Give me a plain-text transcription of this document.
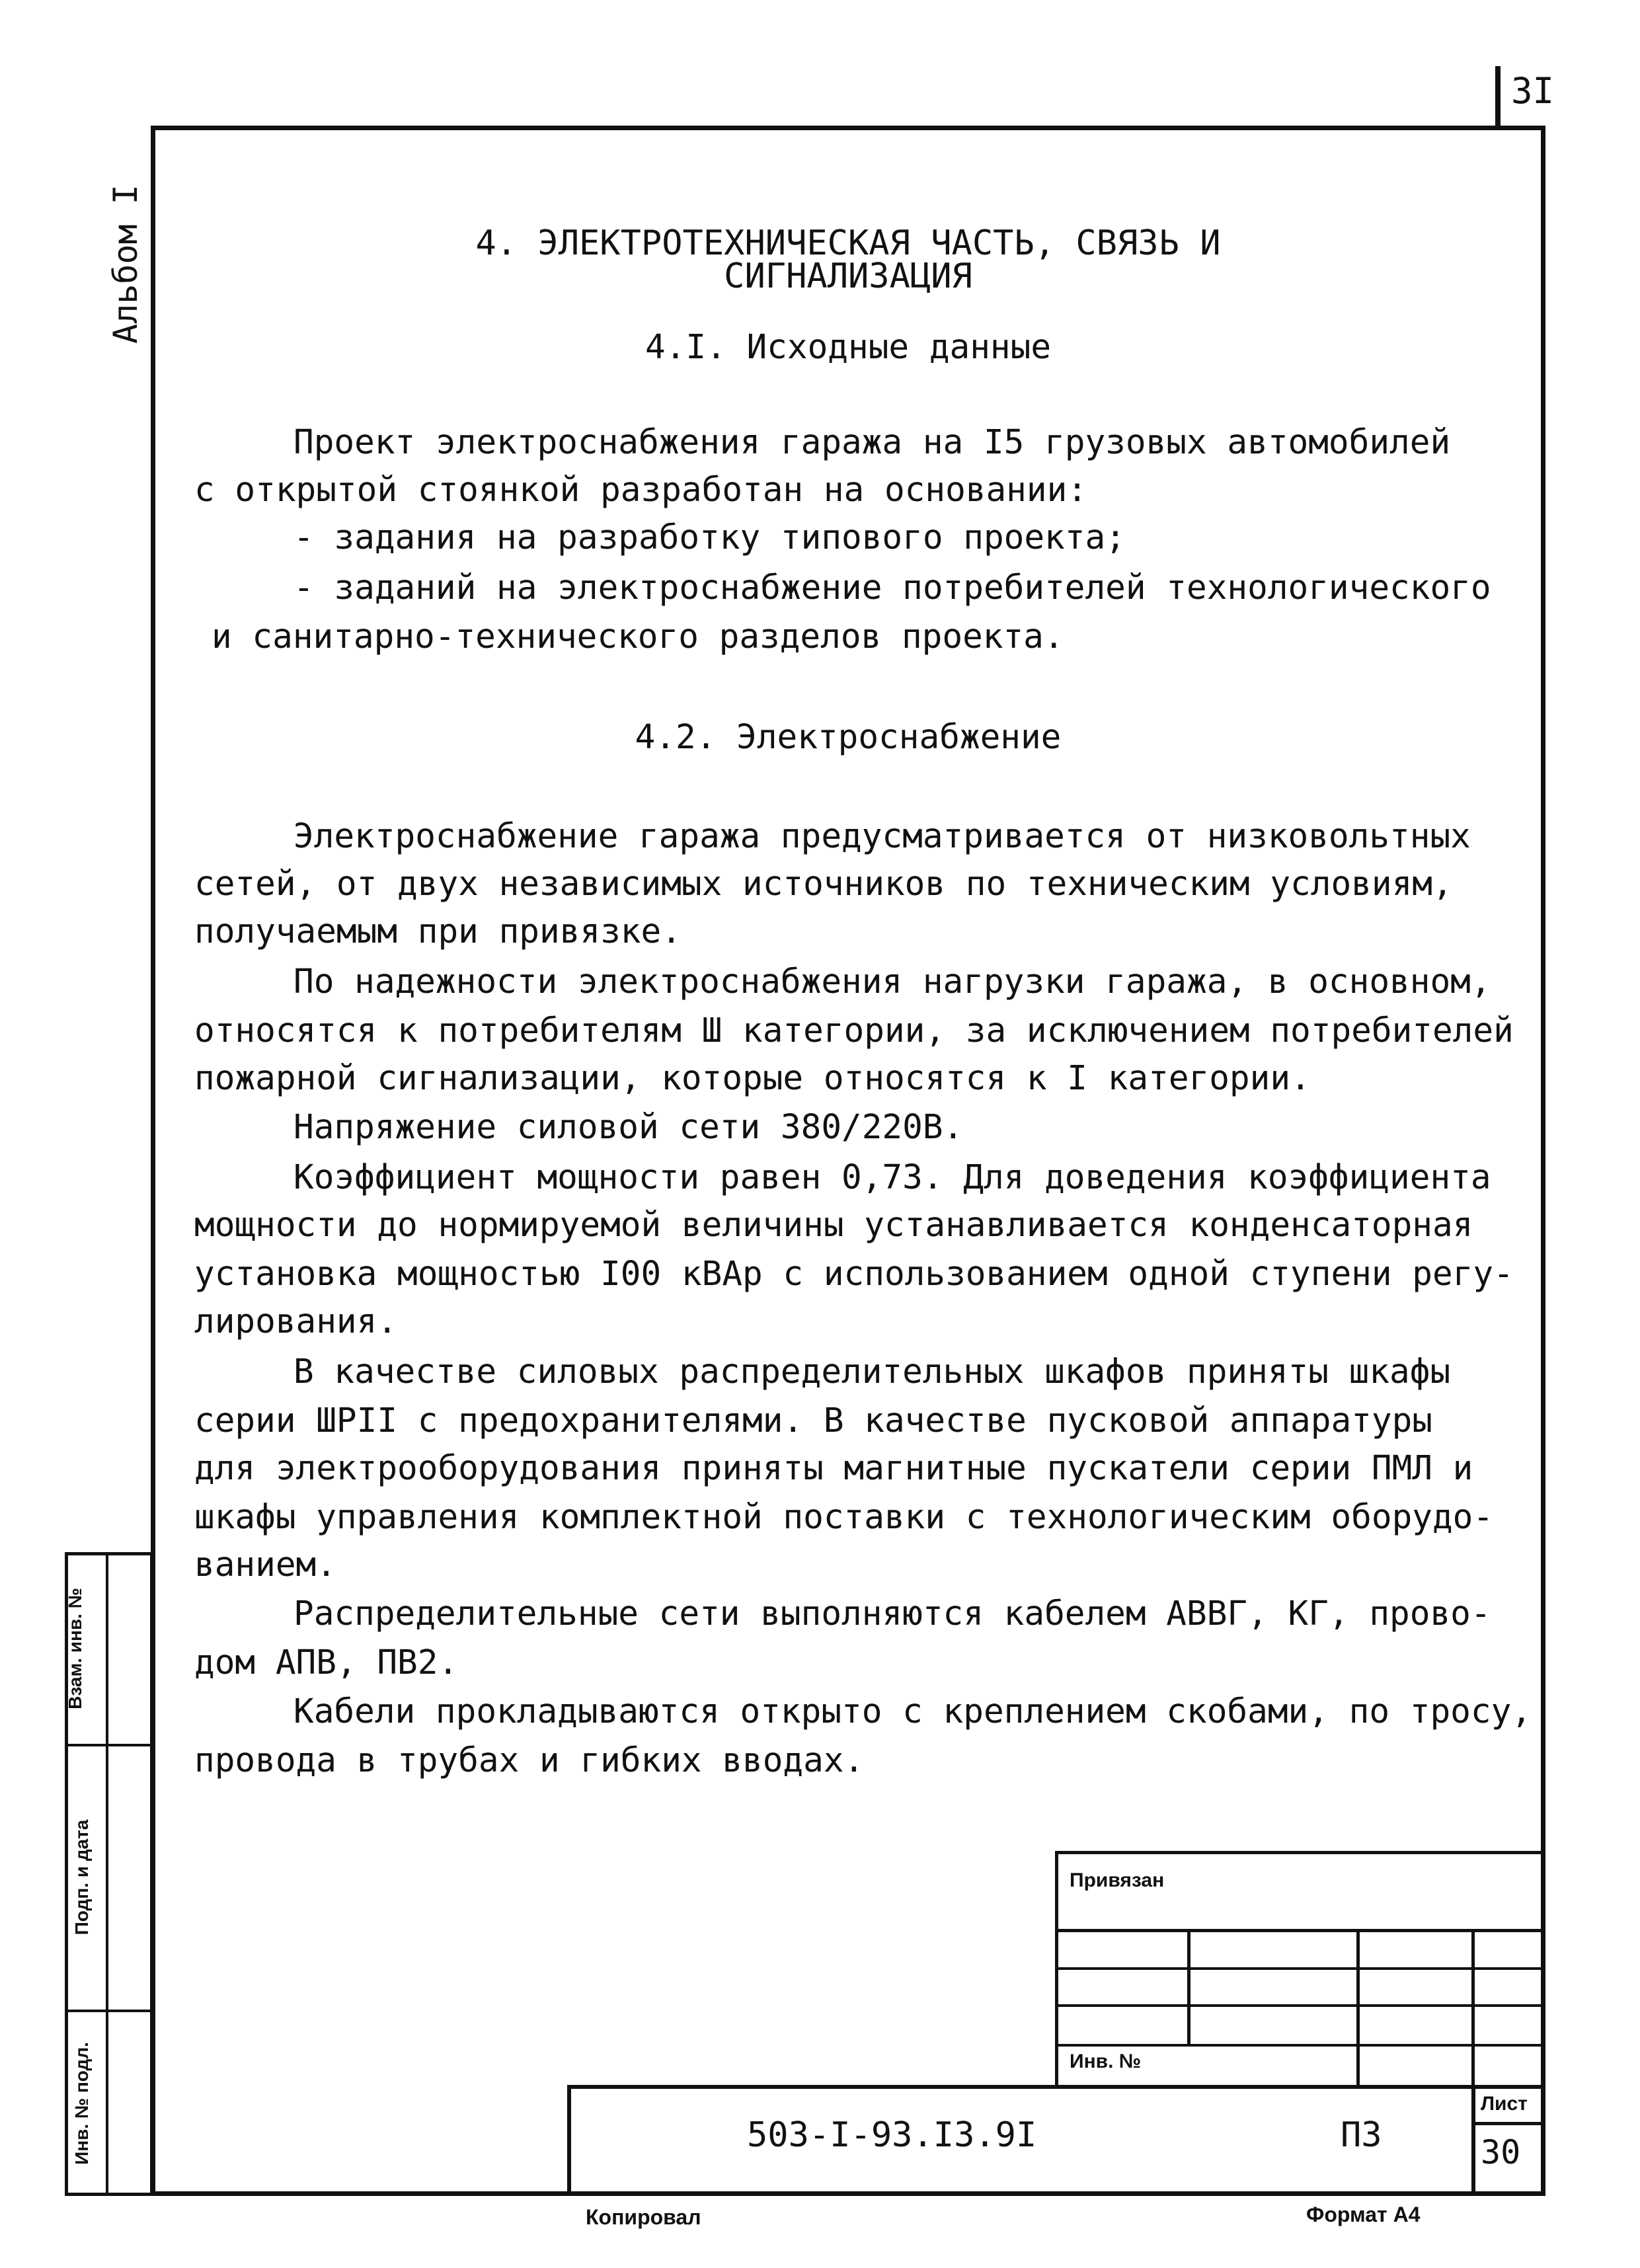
3I
Альбом I
Взам. инв. №
Подп. и дата
Инв. № подл.
4. ЭЛЕКТРОТЕХНИЧЕСКАЯ ЧАСТЬ, СВЯЗЬ И
СИГНАЛИЗАЦИЯ
4.I. Исходные данные
Проект электроснабжения гаража на I5 грузовых автомобилей
с открытой стоянкой разработан на основании:
- задания на разработку типового проекта;
- заданий на электроснабжение потребителей технологического
и санитарно-технического разделов проекта.
4.2. Электроснабжение
Электроснабжение гаража предусматривается от низковольтных
сетей, от двух независимых источников по техническим условиям,
получаемым при привязке.
По надежности электроснабжения нагрузки гаража, в основном,
относятся к потребителям Ш категории, за исключением потребителей
пожарной сигнализации, которые относятся к I категории.
Напряжение силовой сети 380/220В.
Коэффициент мощности равен 0,73. Для доведения коэффициента
мощности до нормируемой величины устанавливается конденсаторная
установка мощностью I00 кВАр с использованием одной ступени регу-
лирования.
В качестве силовых распределительных шкафов приняты шкафы
серии ШРII с предохранителями. В качестве пусковой аппаратуры
для электрооборудования приняты магнитные пускатели серии ПМЛ и
шкафы управления комплектной поставки с технологическим оборудо-
ванием.
Распределительные сети выполняются кабелем АВВГ, КГ, прово-
дом АПВ, ПВ2.
Кабели прокладываются открыто с креплением скобами, по тросу,
провода в трубах и гибких вводах.
Привязан
Инв. №
503-I-93.I3.9I	ПЗ
Лист
30
Копировал	Формат А4
